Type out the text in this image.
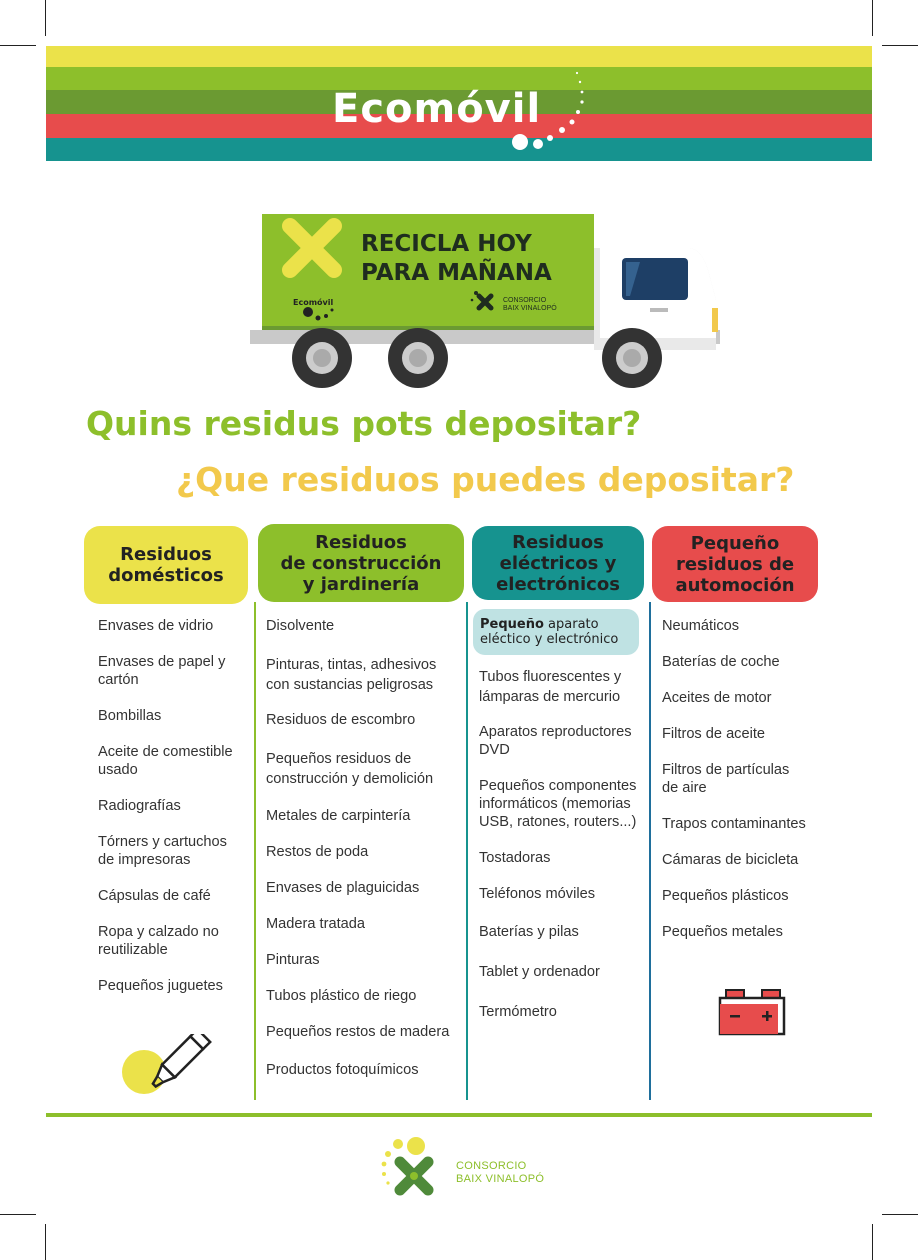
Ecomóvil
RECICLA HOY
PARA MAÑANA
Ecomóvil	CONSORCIO
BAIX VINALOPÓ
Quins residus pots depositar?
¿Que residuos puedes depositar?
Residuos
domésticos
Residuos
de construcción
y jardinería
Residuos
eléctricos y
electrónicos
Pequeño
residuos de
automoción
Envases de vidrio
Envases de papel y
cartón
Bombillas
Aceite de comestible
usado
Radiografías
Tórners y cartuchos
de impresoras
Cápsulas de café
Ropa y calzado no
reutilizable
Pequeños juguetes
Disolvente
Pinturas, tintas, adhesivos
con sustancias peligrosas
Residuos de escombro
Pequeños residuos de
construcción y demolición
Metales de carpintería
Restos de poda
Envases de plaguicidas
Madera tratada
Pinturas
Tubos plástico de riego
Pequeños restos de madera
Productos fotoquímicos
Pequeño aparato
eléctico y electrónico
Tubos fluorescentes y
lámparas de mercurio
Aparatos reproductores
DVD
Pequeños componentes
informáticos (memorias
USB, ratones, routers...)
Tostadoras
Teléfonos móviles
Baterías y pilas
Tablet y ordenador
Termómetro
Neumáticos
Baterías de coche
Aceites de motor
Filtros de aceite
Filtros de partículas
de aire
Trapos contaminantes
Cámaras de bicicleta
Pequeños plásticos
Pequeños metales
CONSORCIO
BAIX VINALOPÓ
